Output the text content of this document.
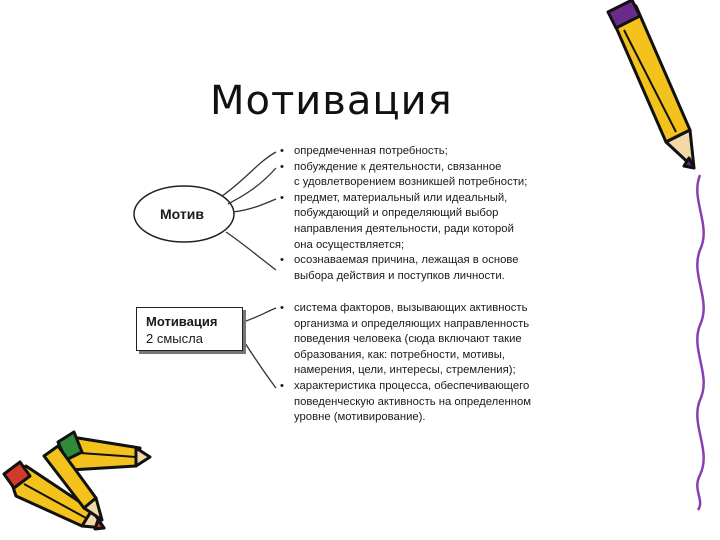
Мотивация
Мотив
Мотивация
2 смысла
• опредмеченная потребность;
• побуждение к деятельности, связанное
с удовлетворением возникшей потребности;
• предмет, материальный или идеальный,
побуждающий и определяющий выбор
направления деятельности, ради которой
она осуществляется;
• осознаваемая причина, лежащая в основе
выбора действия и поступков личности.
• система факторов, вызывающих активность
организма и определяющих направленность
поведения человека (сюда включают такие
образования, как: потребности, мотивы,
намерения, цели, интересы, стремления);
• характеристика процесса, обеспечивающего
поведенческую активность на определенном
уровне (мотивирование).
